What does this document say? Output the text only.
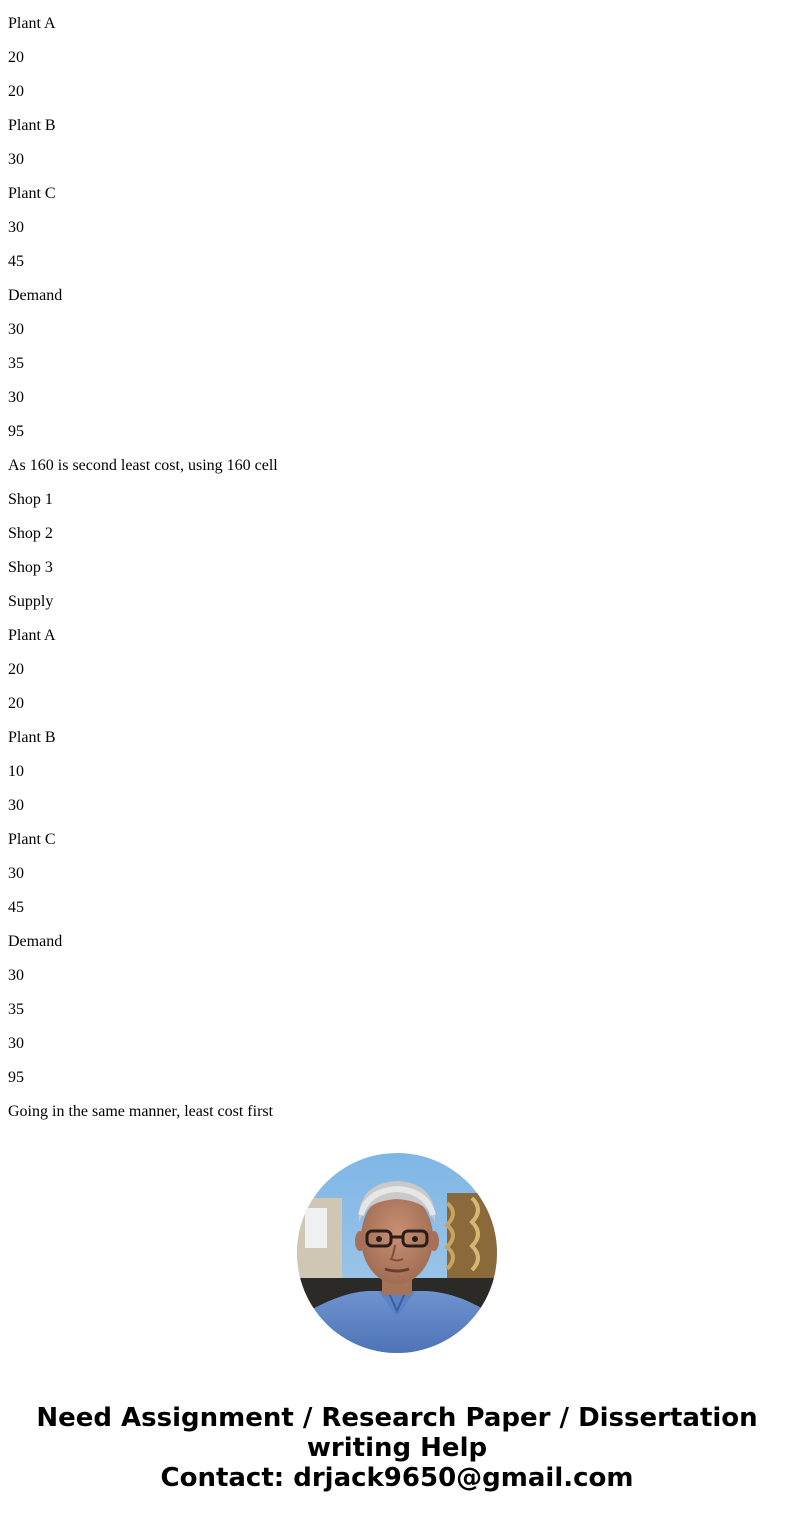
Plant A

20

20

Plant B

30

Plant C

30

45

Demand

30

35

30

95

As 160 is second least cost, using 160 cell

Shop 1

Shop 2

Shop 3

Supply

Plant A

20

20

Plant B

10

30

Plant C

30

45

Demand

30

35

30

95

Going in the same manner, least cost first

Need Assignment / Research Paper / Dissertation
writing Help
Contact: drjack9650@gmail.com
